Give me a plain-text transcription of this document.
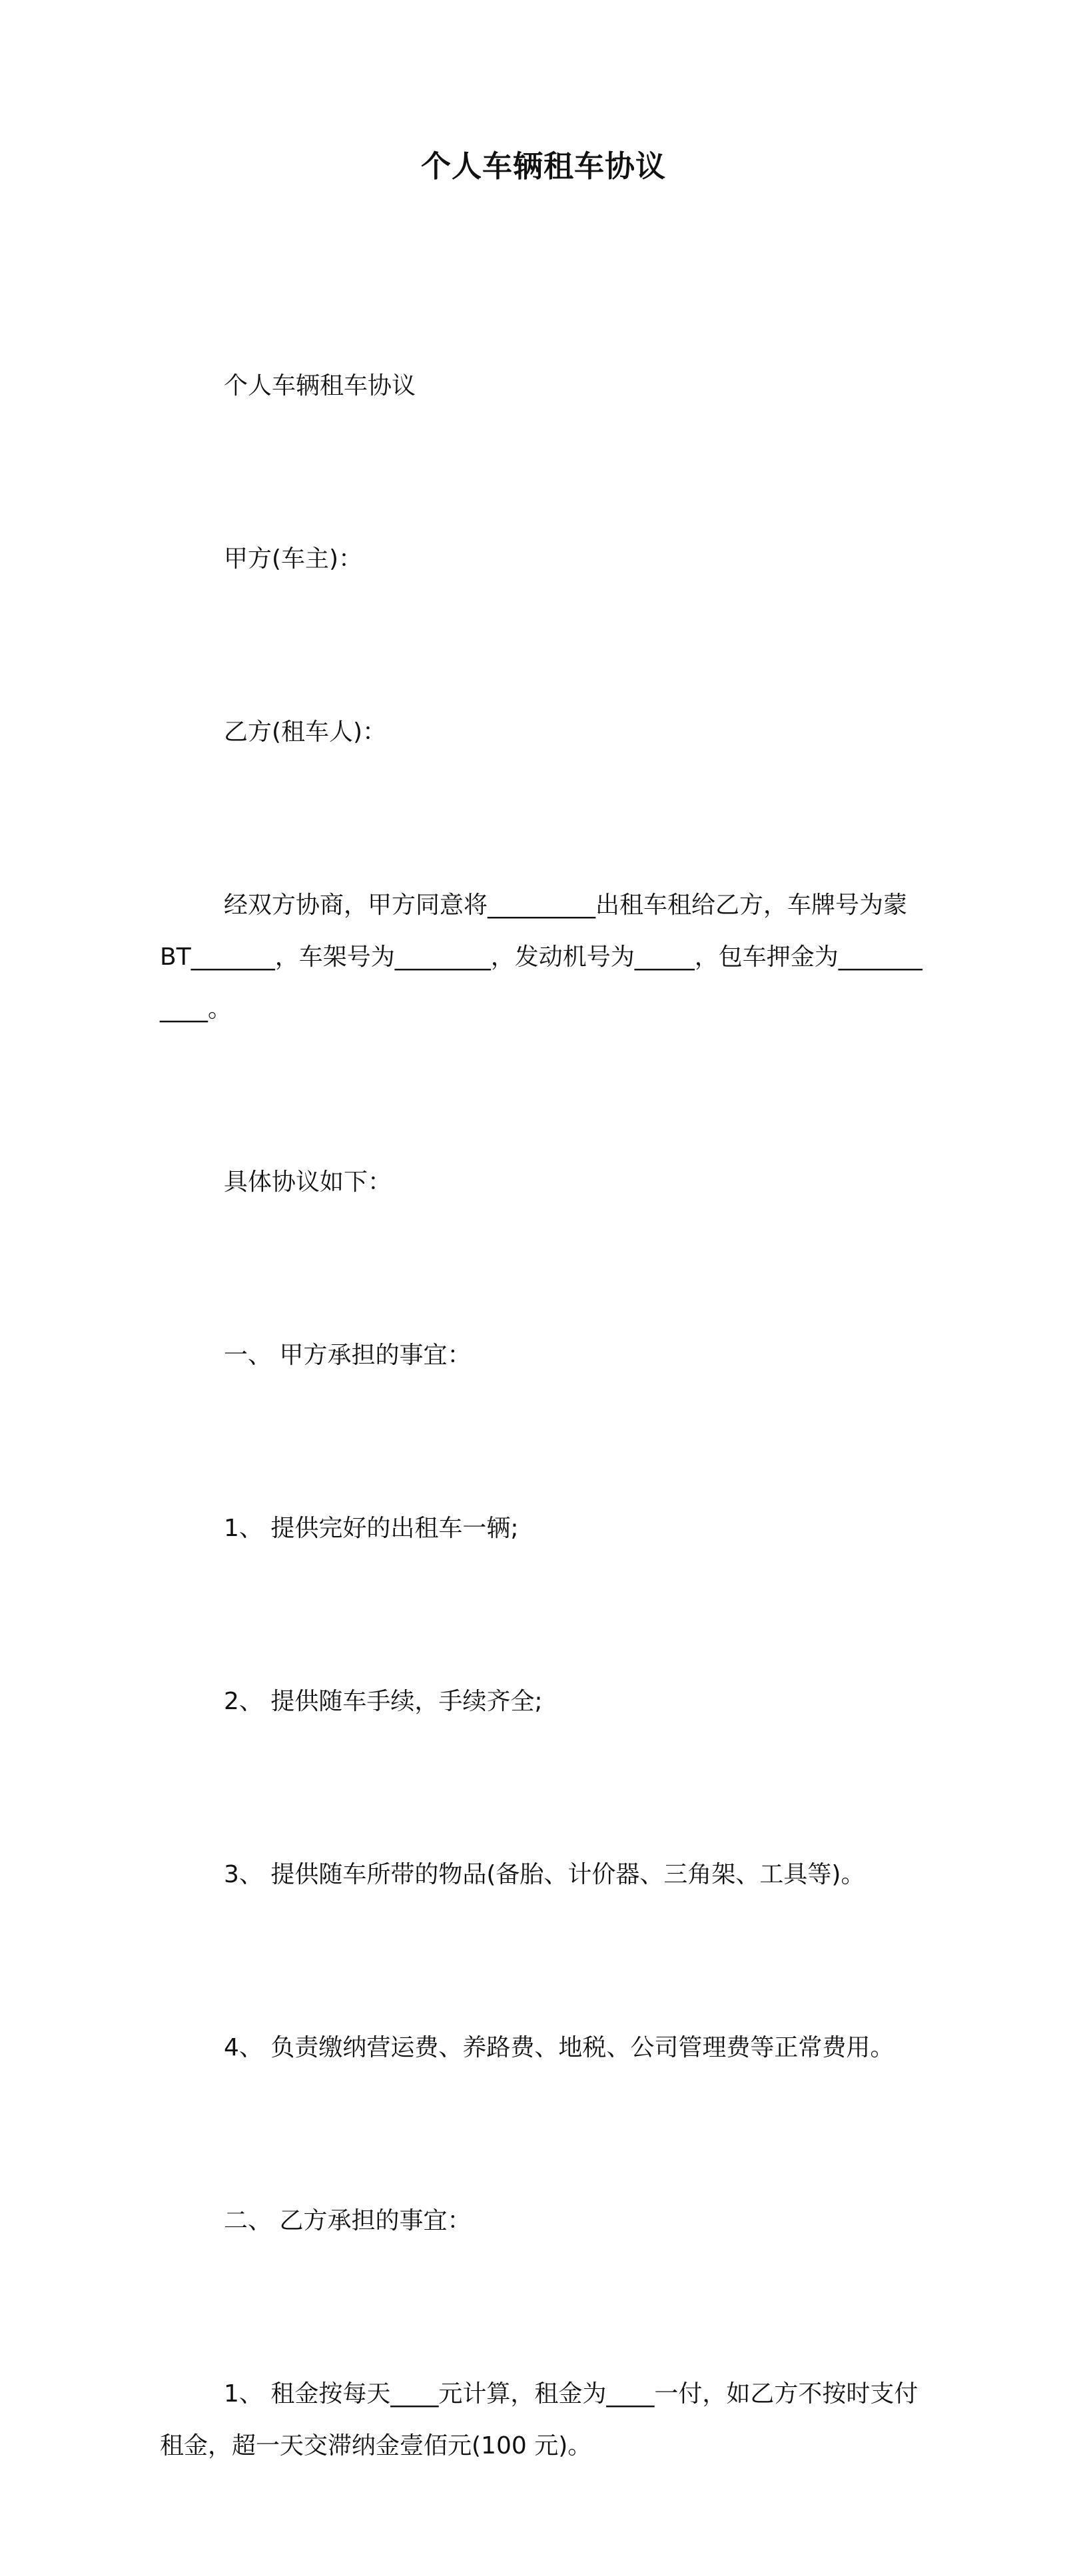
个人车辆租车协议

个人车辆租车协议

甲方(车主)：

乙方(租车人)：

经双方协商，甲方同意将_________出租车租给乙方，车牌号为蒙 BT_______，车架号为________，发动机号为_____，包车押金为___________。

具体协议如下：

一、 甲方承担的事宜：

1、 提供完好的出租车一辆;

2、 提供随车手续，手续齐全;

3、 提供随车所带的物品(备胎、计价器、三角架、工具等)。

4、 负责缴纳营运费、养路费、地税、公司管理费等正常费用。

二、 乙方承担的事宜：

1、 租金按每天____元计算，租金为____一付，如乙方不按时支付租金，超一天交滞纳金壹佰元(100 元)。
